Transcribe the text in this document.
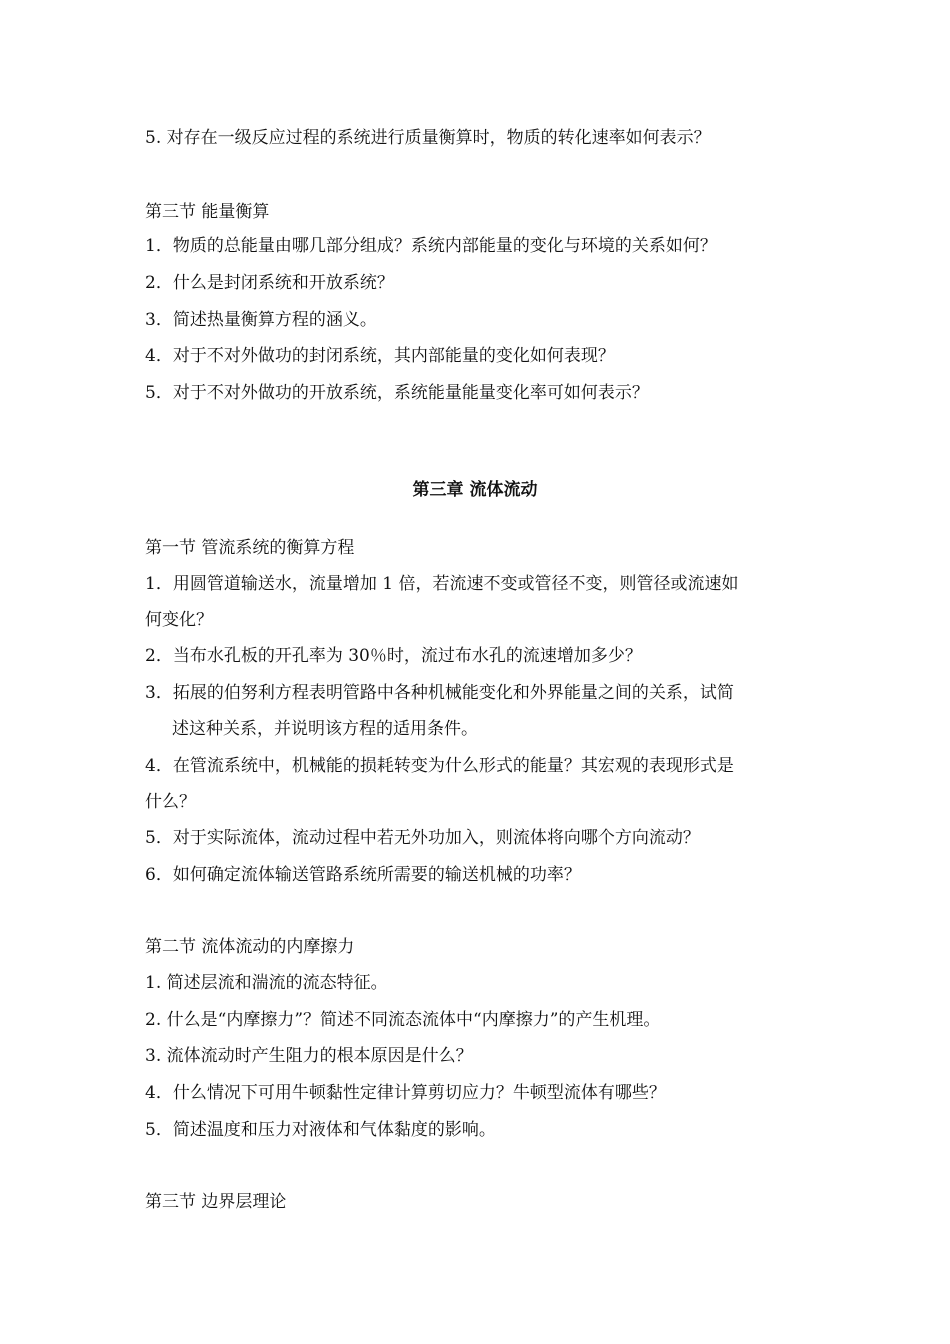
5. 对存在一级反应过程的系统进行质量衡算时，物质的转化速率如何表示？
第三节 能量衡算
1．物质的总能量由哪几部分组成？系统内部能量的变化与环境的关系如何？
2．什么是封闭系统和开放系统？
3．简述热量衡算方程的涵义。
4．对于不对外做功的封闭系统，其内部能量的变化如何表现？
5．对于不对外做功的开放系统，系统能量能量变化率可如何表示？
第三章 流体流动
第一节 管流系统的衡算方程
1．用圆管道输送水，流量增加 1 倍，若流速不变或管径不变，则管径或流速如
何变化？
2．当布水孔板的开孔率为 30％时，流过布水孔的流速增加多少？
3．拓展的伯努利方程表明管路中各种机械能变化和外界能量之间的关系，试简
述这种关系，并说明该方程的适用条件。
4．在管流系统中，机械能的损耗转变为什么形式的能量？其宏观的表现形式是
什么？
5．对于实际流体，流动过程中若无外功加入，则流体将向哪个方向流动？
6．如何确定流体输送管路系统所需要的输送机械的功率？
第二节 流体流动的内摩擦力
1. 简述层流和湍流的流态特征。
2. 什么是“内摩擦力”？简述不同流态流体中“内摩擦力”的产生机理。
3. 流体流动时产生阻力的根本原因是什么？
4．什么情况下可用牛顿黏性定律计算剪切应力？牛顿型流体有哪些？
5．简述温度和压力对液体和气体黏度的影响。
第三节 边界层理论
